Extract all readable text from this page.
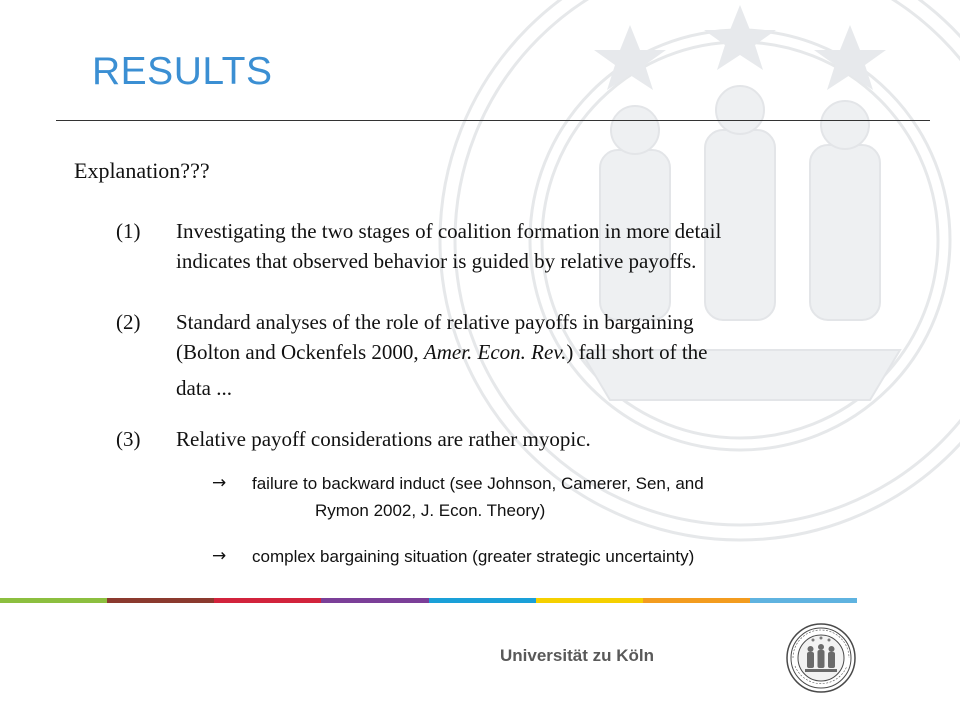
RESULTS
Explanation???
(1)	Investigating the two stages of coalition formation in more detail
indicates that observed behavior is guided by relative payoffs.
(2)	Standard analyses of the role of relative payoffs in bargaining
(Bolton and Ockenfels 2000, Amer. Econ. Rev.) fall short of the
data ...
(3)	Relative payoff considerations are rather myopic.
→ failure to backward induct (see Johnson, Camerer, Sen, and
Rymon 2002, J. Econ. Theory)
→ complex bargaining situation (greater strategic uncertainty)
Universität zu Köln
